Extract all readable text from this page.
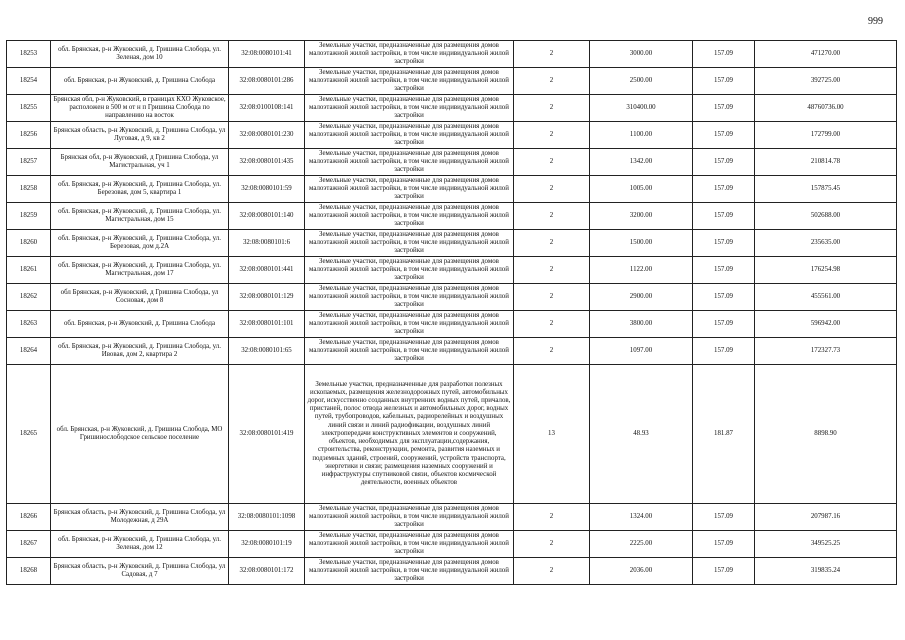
999
18253	обл. Брянская, р-н Жуковский, д. Гришина Слобода, ул. Зеленая, дом 10	32:08:0080101:41	Земельные участки, предназначенные для размещения домов малоэтажной жилой застройки, в том числе индивидуальной жилой застройки	2	3000.00	157.09	471270.00
18254	обл. Брянская, р-н Жуковский, д. Гришина Слобода	32:08:0080101:286	Земельные участки, предназначенные для размещения домов малоэтажной жилой застройки, в том числе индивидуальной жилой застройки	2	2500.00	157.09	392725.00
18255	Брянская обл, р-н Жуковский, в границах КХО Жуковское, расположен в 500 м от н п Гришина Слобода по направлению на восток	32:08:0100108:141	Земельные участки, предназначенные для размещения домов малоэтажной жилой застройки, в том числе индивидуальной жилой застройки	2	310400.00	157.09	48760736.00
18256	Брянская область, р-н Жуковский, д. Гришина Слобода, ул Луговая, д 9, кв 2	32:08:0080101:230	Земельные участки, предназначенные для размещения домов малоэтажной жилой застройки, в том числе индивидуальной жилой застройки	2	1100.00	157.09	172799.00
18257	Брянская обл, р-н Жуковский, д Гришина Слобода, ул Магистральная, уч 1	32:08:0080101:435	Земельные участки, предназначенные для размещения домов малоэтажной жилой застройки, в том числе индивидуальной жилой застройки	2	1342.00	157.09	210814.78
18258	обл. Брянская, р-н Жуковский, д. Гришина Слобода, ул. Березовая, дом 5, квартира 1	32:08:0080101:59	Земельные участки, предназначенные для размещения домов малоэтажной жилой застройки, в том числе индивидуальной жилой застройки	2	1005.00	157.09	157875.45
18259	обл. Брянская, р-н Жуковский, д. Гришина Слобода, ул. Магистральная, дом 15	32:08:0080101:140	Земельные участки, предназначенные для размещения домов малоэтажной жилой застройки, в том числе индивидуальной жилой застройки	2	3200.00	157.09	502688.00
18260	обл. Брянская, р-н Жуковский, д. Гришина Слобода, ул. Березовая, дом д.2А	32:08:0080101:6	Земельные участки, предназначенные для размещения домов малоэтажной жилой застройки, в том числе индивидуальной жилой застройки	2	1500.00	157.09	235635.00
18261	обл. Брянская, р-н Жуковский, д. Гришина Слобода, ул. Магистральная, дом 17	32:08:0080101:441	Земельные участки, предназначенные для размещения домов малоэтажной жилой застройки, в том числе индивидуальной жилой застройки	2	1122.00	157.09	176254.98
18262	обл Брянская, р-н Жуковский, д Гришина Слобода, ул Сосновая, дом 8	32:08:0080101:129	Земельные участки, предназначенные для размещения домов малоэтажной жилой застройки, в том числе индивидуальной жилой застройки	2	2900.00	157.09	455561.00
18263	обл. Брянская, р-н Жуковский, д. Гришина Слобода	32:08:0080101:101	Земельные участки, предназначенные для размещения домов малоэтажной жилой застройки, в том числе индивидуальной жилой застройки	2	3800.00	157.09	596942.00
18264	обл. Брянская, р-н Жуковский, д. Гришина Слобода, ул. Ивовая, дом 2, квартира 2	32:08:0080101:65	Земельные участки, предназначенные для размещения домов малоэтажной жилой застройки, в том числе индивидуальной жилой застройки	2	1097.00	157.09	172327.73
18265	обл. Брянская, р-н Жуковский, д. Гришина Слобода, МО Гришинослободское сельское поселение	32:08:0080101:419	Земельные участки, предназначенные для разработки полезных ископаемых, размещения железнодорожных путей, автомобильных дорог, искусственно созданных внутренних водных путей, причалов, пристаней, полос отвода железных и автомобильных дорог, водных путей, трубопроводов, кабельных, радиорелейных и воздушных линий связи и линий радиофикации, воздушных линий электропередачи конструктивных элементов и сооружений, объектов, необходимых для эксплуатации,содержания, строительства, реконструкции, ремонта, развития наземных и подземных зданий, строений, сооружений, устройств транспорта, энергетики и связи; размещения наземных сооружений и инфраструктуры спутниковой связи, объектов космической деятельности, военных объектов	13	48.93	181.87	8898.90
18266	Брянская область, р-н Жуковский, д. Гришина Слобода, ул Молодежная, д 29А	32:08:0080101:1098	Земельные участки, предназначенные для размещения домов малоэтажной жилой застройки, в том числе индивидуальной жилой застройки	2	1324.00	157.09	207987.16
18267	обл. Брянская, р-н Жуковский, д. Гришина Слобода, ул. Зеленая, дом 12	32:08:0080101:19	Земельные участки, предназначенные для размещения домов малоэтажной жилой застройки, в том числе индивидуальной жилой застройки	2	2225.00	157.09	349525.25
18268	Брянская область, р-н Жуковский, д. Гришина Слобода, ул Садовая, д 7	32:08:0080101:172	Земельные участки, предназначенные для размещения домов малоэтажной жилой застройки, в том числе индивидуальной жилой застройки	2	2036.00	157.09	319835.24
